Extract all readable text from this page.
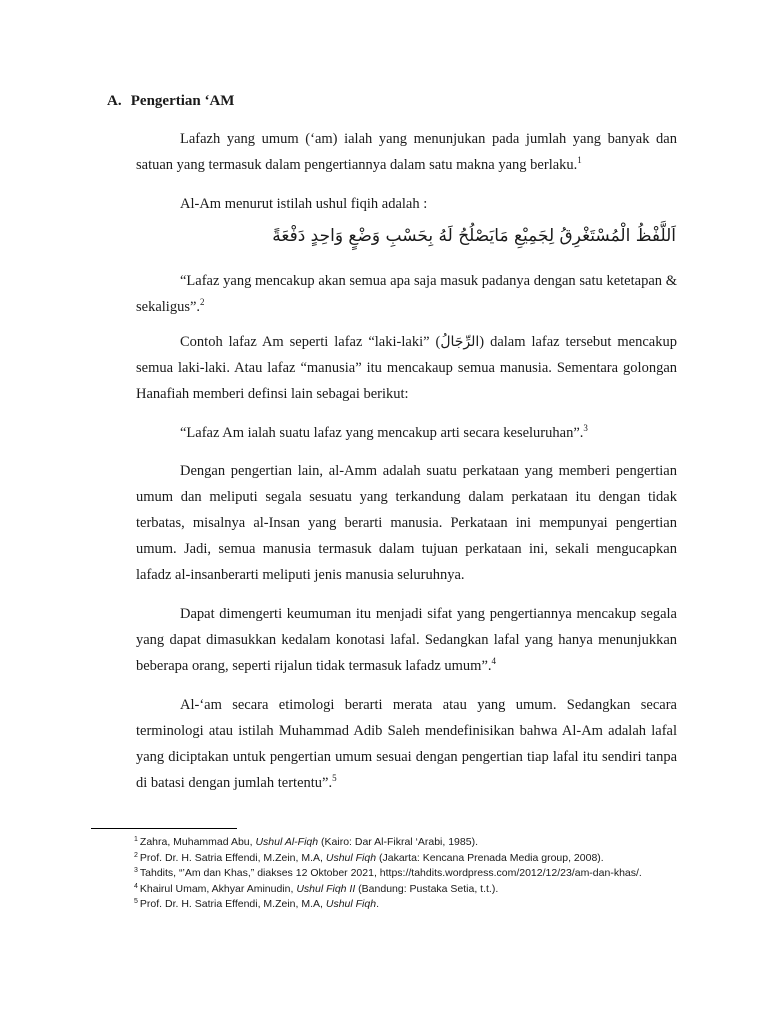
A. Pengertian ‘AM

Lafazh yang umum (‘am) ialah yang menunjukan pada jumlah yang banyak dan satuan yang termasuk dalam pengertiannya dalam satu makna yang berlaku.$^1$

Al-Am menurut istilah ushul fiqih adalah :

اَللَّفْظُ الْمُسْتَغْرِقُ لِجَمِيْعِ مَايَصْلُحُ لَهُ بِحَسْبِ وَضْعٍ وَاحِدٍ دَفْعَةً

“Lafaz yang mencakup akan semua apa saja masuk padanya dengan satu ketetapan & sekaligus”.$^2$

Contoh lafaz Am seperti lafaz “laki-laki” (الرِّجَالُ) dalam lafaz tersebut mencakup semua laki-laki. Atau lafaz “manusia” itu mencakaup semua manusia. Sementara golongan Hanafiah memberi definsi lain sebagai berikut:

“Lafaz Am ialah suatu lafaz yang mencakup arti secara keseluruhan”.$^3$

Dengan pengertian lain, al-Amm adalah suatu perkataan yang memberi pengertian umum dan meliputi segala sesuatu yang terkandung dalam perkataan itu dengan tidak terbatas, misalnya al-Insan yang berarti manusia. Perkataan ini mempunyai pengertian umum. Jadi, semua manusia termasuk dalam tujuan perkataan ini, sekali mengucapkan lafadz al-insanberarti meliputi jenis manusia seluruhnya.

Dapat dimengerti keumuman itu menjadi sifat yang pengertiannya mencakup segala yang dapat dimasukkan kedalam konotasi lafal. Sedangkan lafal yang hanya menunjukkan beberapa orang, seperti rijalun tidak termasuk lafadz umum”.$^4$

Al-‘am secara etimologi berarti merata atau yang umum. Sedangkan secara terminologi atau istilah Muhammad Adib Saleh mendefinisikan bahwa Al-Am adalah lafal yang diciptakan untuk pengertian umum sesuai dengan pengertian tiap lafal itu sendiri tanpa di batasi dengan jumlah tertentu”.$^5$

$^1$ Zahra, Muhammad Abu, Ushul Al-Fiqh (Kairo: Dar Al-Fikral ‘Arabi, 1985).

$^2$ Prof. Dr. H. Satria Effendi, M.Zein, M.A, Ushul Fiqh (Jakarta: Kencana Prenada Media group, 2008).

$^3$ Tahdits, “’Am dan Khas,” diakses 12 Oktober 2021, https://tahdits.wordpress.com/2012/12/23/am-dan-khas/.

$^4$ Khairul Umam, Akhyar Aminudin, Ushul Fiqh II (Bandung: Pustaka Setia, t.t.).

$^5$ Prof. Dr. H. Satria Effendi, M.Zein, M.A, Ushul Fiqh.
